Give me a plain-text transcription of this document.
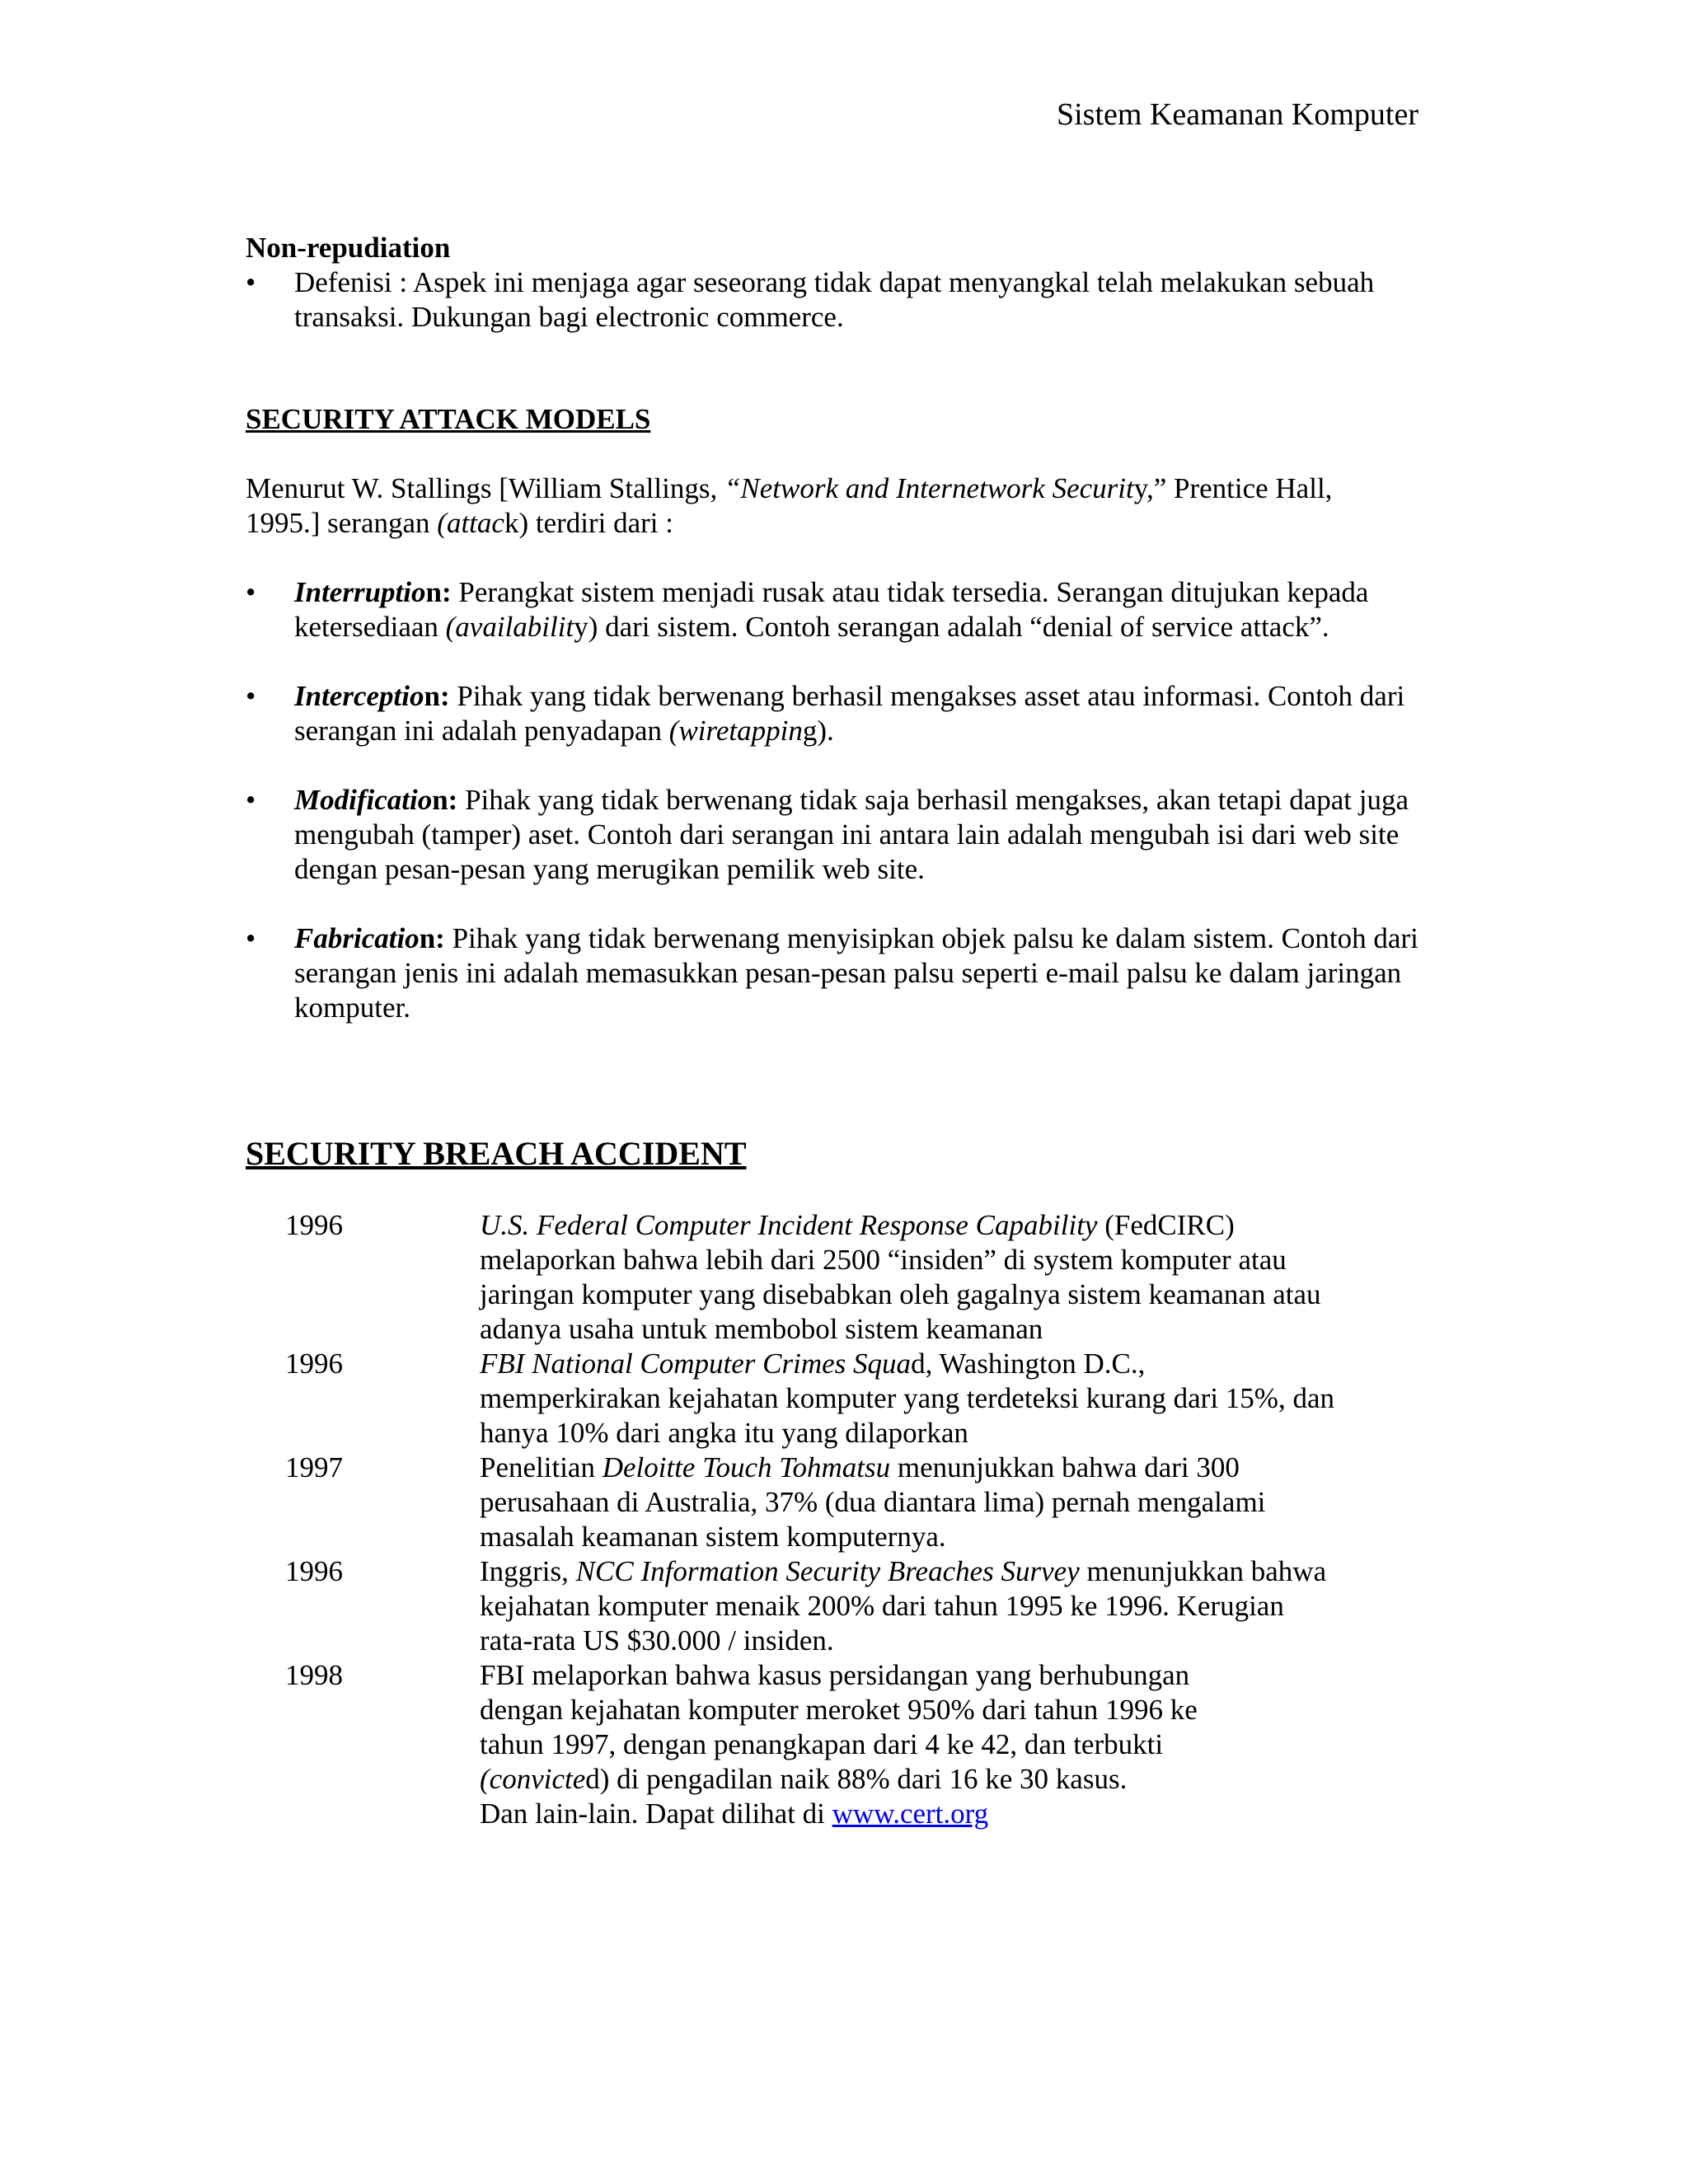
Sistem Keamanan Komputer
Non-repudiation
•	Defenisi : Aspek ini menjaga agar seseorang tidak dapat menyangkal telah melakukan sebuah transaksi. Dukungan bagi electronic commerce.
SECURITY ATTACK MODELS
Menurut W. Stallings [William Stallings, “Network and Internetwork Security,” Prentice Hall, 1995.] serangan (attack) terdiri dari :
•	Interruption: Perangkat sistem menjadi rusak atau tidak tersedia. Serangan ditujukan kepada ketersediaan (availability) dari sistem. Contoh serangan adalah “denial of service attack”.
•	Interception: Pihak yang tidak berwenang berhasil mengakses asset atau informasi. Contoh dari serangan ini adalah penyadapan (wiretapping).
•	Modification: Pihak yang tidak berwenang tidak saja berhasil mengakses, akan tetapi dapat juga mengubah (tamper) aset. Contoh dari serangan ini antara lain adalah mengubah isi dari web site dengan pesan-pesan yang merugikan pemilik web site.
•	Fabrication: Pihak yang tidak berwenang menyisipkan objek palsu ke dalam sistem. Contoh dari serangan jenis ini adalah memasukkan pesan-pesan palsu seperti e-mail palsu ke dalam jaringan komputer.
SECURITY BREACH ACCIDENT
1996	U.S. Federal Computer Incident Response Capability (FedCIRC)
melaporkan bahwa lebih dari 2500 “insiden” di system komputer atau
jaringan komputer yang disebabkan oleh gagalnya sistem keamanan atau
adanya usaha untuk membobol sistem keamanan
1996	FBI National Computer Crimes Squad, Washington D.C.,
memperkirakan kejahatan komputer yang terdeteksi kurang dari 15%, dan
hanya 10% dari angka itu yang dilaporkan
1997	Penelitian Deloitte Touch Tohmatsu menunjukkan bahwa dari 300
perusahaan di Australia, 37% (dua diantara lima) pernah mengalami
masalah keamanan sistem komputernya.
1996	Inggris, NCC Information Security Breaches Survey menunjukkan bahwa
kejahatan komputer menaik 200% dari tahun 1995 ke 1996. Kerugian
rata-rata US $30.000 / insiden.
1998	FBI melaporkan bahwa kasus persidangan yang berhubungan
dengan kejahatan komputer meroket 950% dari tahun 1996 ke
tahun 1997, dengan penangkapan dari 4 ke 42, dan terbukti
(convicted) di pengadilan naik 88% dari 16 ke 30 kasus.
Dan lain-lain. Dapat dilihat di www.cert.org
